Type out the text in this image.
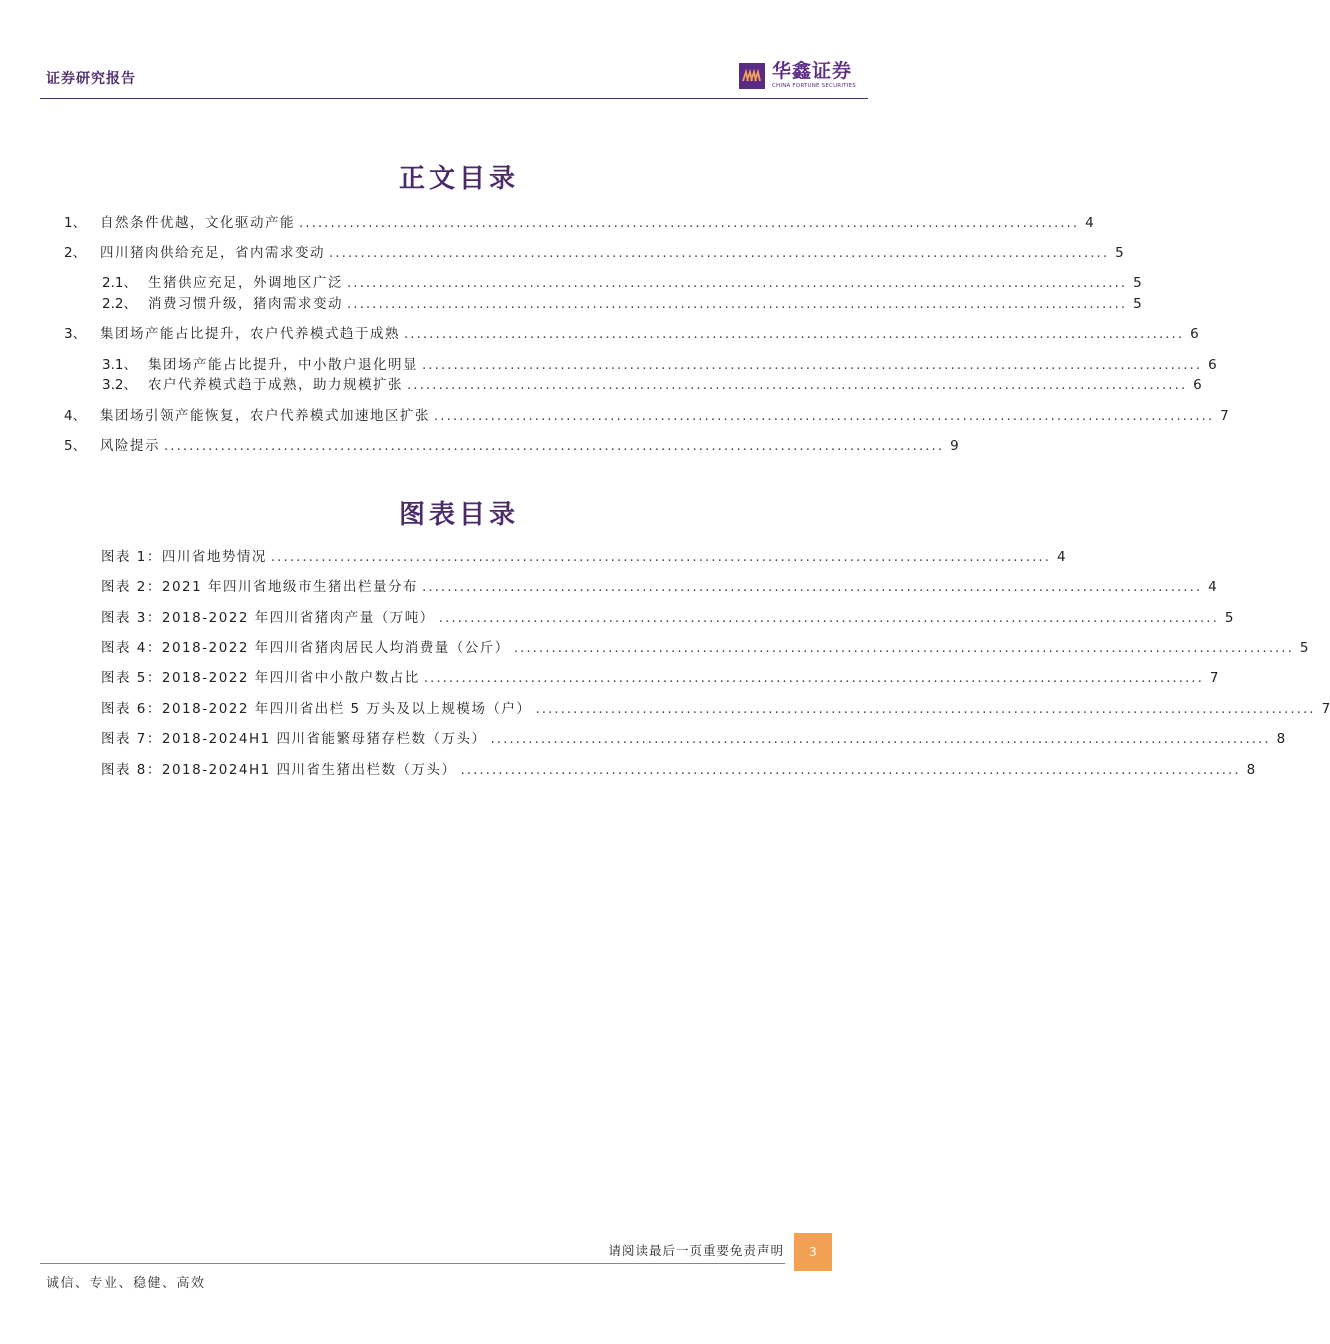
证券研究报告	华鑫证券
CHINA FORTUNE SECURITIES
正文目录
1、	自然条件优越，文化驱动产能 ............................................................................................................................ 4
2、	四川猪肉供给充足，省内需求变动 ............................................................................................................................ 5
2.1、 生猪供应充足，外调地区广泛 ............................................................................................................................ 5
2.2、 消费习惯升级，猪肉需求变动 ............................................................................................................................ 5
3、	集团场产能占比提升，农户代养模式趋于成熟 ............................................................................................................................ 6
3.1、 集团场产能占比提升，中小散户退化明显 ............................................................................................................................ 6
3.2、 农户代养模式趋于成熟，助力规模扩张 ............................................................................................................................ 6
4、	集团场引领产能恢复，农户代养模式加速地区扩张 ............................................................................................................................ 7
5、	风险提示 ............................................................................................................................ 9
图表目录
图表 1：四川省地势情况 ............................................................................................................................ 4
图表 2：2021 年四川省地级市生猪出栏量分布 ............................................................................................................................ 4
图表 3：2018-2022 年四川省猪肉产量（万吨） ............................................................................................................................ 5
图表 4：2018-2022 年四川省猪肉居民人均消费量（公斤） ............................................................................................................................ 5
图表 5：2018-2022 年四川省中小散户数占比 ............................................................................................................................ 7
图表 6：2018-2022 年四川省出栏 5 万头及以上规模场（户） ............................................................................................................................ 7
图表 7：2018-2024H1 四川省能繁母猪存栏数（万头） ............................................................................................................................ 8
图表 8：2018-2024H1 四川省生猪出栏数（万头） ............................................................................................................................ 8
请阅读最后一页重要免责声明	3
诚信、专业、稳健、高效
